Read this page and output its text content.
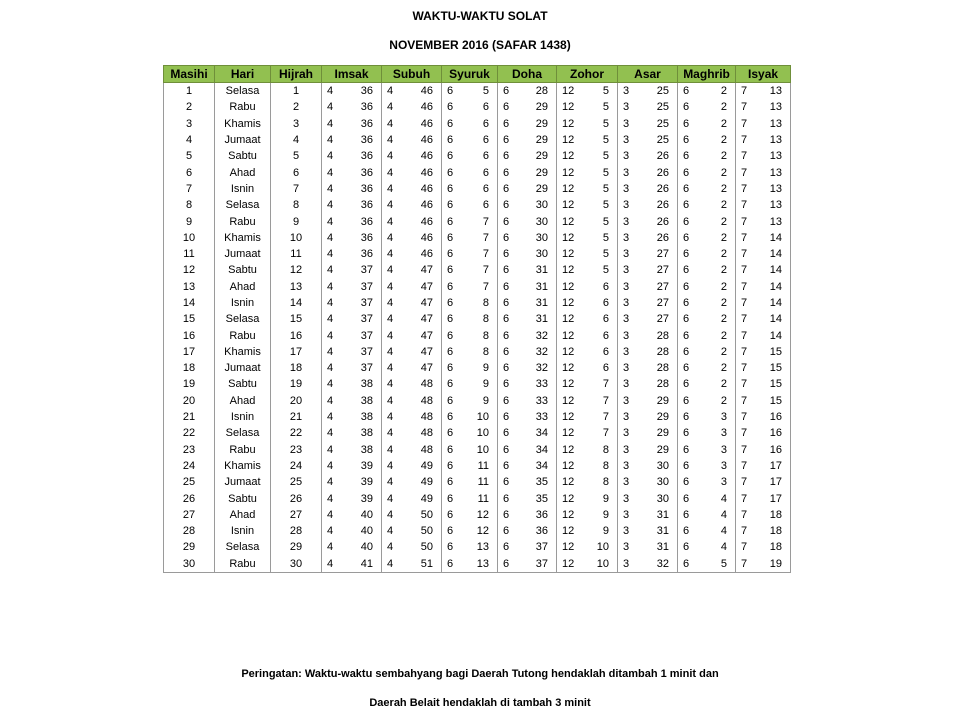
WAKTU-WAKTU SOLAT
NOVEMBER 2016 (SAFAR 1438)
Masihi	Hari	Hijrah	Imsak		Subuh		Syuruk		Doha		Zohor		Asar		Maghrib		Isyak	
1	Selasa	1	4	36	4	46	6	5	6	28	12	5	3	25	6	2	7	13
2	Rabu	2	4	36	4	46	6	6	6	29	12	5	3	25	6	2	7	13
3	Khamis	3	4	36	4	46	6	6	6	29	12	5	3	25	6	2	7	13
4	Jumaat	4	4	36	4	46	6	6	6	29	12	5	3	25	6	2	7	13
5	Sabtu	5	4	36	4	46	6	6	6	29	12	5	3	26	6	2	7	13
6	Ahad	6	4	36	4	46	6	6	6	29	12	5	3	26	6	2	7	13
7	Isnin	7	4	36	4	46	6	6	6	29	12	5	3	26	6	2	7	13
8	Selasa	8	4	36	4	46	6	6	6	30	12	5	3	26	6	2	7	13
9	Rabu	9	4	36	4	46	6	7	6	30	12	5	3	26	6	2	7	13
10	Khamis	10	4	36	4	46	6	7	6	30	12	5	3	26	6	2	7	14
11	Jumaat	11	4	36	4	46	6	7	6	30	12	5	3	27	6	2	7	14
12	Sabtu	12	4	37	4	47	6	7	6	31	12	5	3	27	6	2	7	14
13	Ahad	13	4	37	4	47	6	7	6	31	12	6	3	27	6	2	7	14
14	Isnin	14	4	37	4	47	6	8	6	31	12	6	3	27	6	2	7	14
15	Selasa	15	4	37	4	47	6	8	6	31	12	6	3	27	6	2	7	14
16	Rabu	16	4	37	4	47	6	8	6	32	12	6	3	28	6	2	7	14
17	Khamis	17	4	37	4	47	6	8	6	32	12	6	3	28	6	2	7	15
18	Jumaat	18	4	37	4	47	6	9	6	32	12	6	3	28	6	2	7	15
19	Sabtu	19	4	38	4	48	6	9	6	33	12	7	3	28	6	2	7	15
20	Ahad	20	4	38	4	48	6	9	6	33	12	7	3	29	6	2	7	15
21	Isnin	21	4	38	4	48	6	10	6	33	12	7	3	29	6	3	7	16
22	Selasa	22	4	38	4	48	6	10	6	34	12	7	3	29	6	3	7	16
23	Rabu	23	4	38	4	48	6	10	6	34	12	8	3	29	6	3	7	16
24	Khamis	24	4	39	4	49	6	11	6	34	12	8	3	30	6	3	7	17
25	Jumaat	25	4	39	4	49	6	11	6	35	12	8	3	30	6	3	7	17
26	Sabtu	26	4	39	4	49	6	11	6	35	12	9	3	30	6	4	7	17
27	Ahad	27	4	40	4	50	6	12	6	36	12	9	3	31	6	4	7	18
28	Isnin	28	4	40	4	50	6	12	6	36	12	9	3	31	6	4	7	18
29	Selasa	29	4	40	4	50	6	13	6	37	12	10	3	31	6	4	7	18
30	Rabu	30	4	41	4	51	6	13	6	37	12	10	3	32	6	5	7	19
Peringatan: Waktu-waktu sembahyang bagi Daerah Tutong hendaklah ditambah 1 minit dan
Daerah Belait hendaklah di tambah 3 minit
